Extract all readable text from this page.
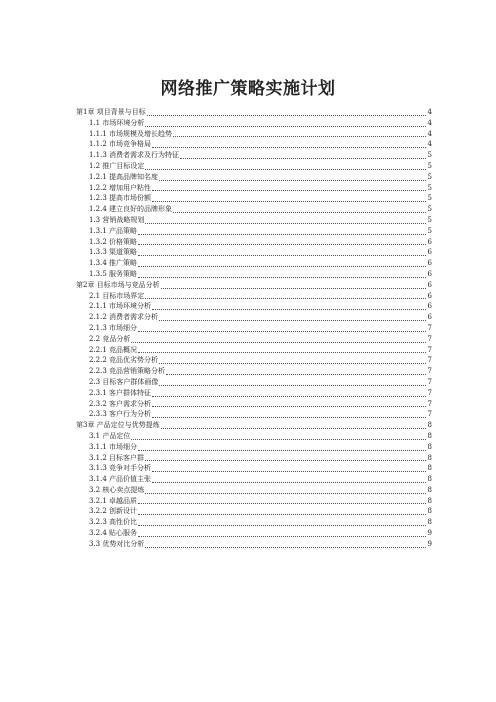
网络推广策略实施计划
第1章 项目背景与目标	4
1.1 市场环境分析	4
1.1.1 市场规模及增长趋势	4
1.1.2 市场竞争格局	4
1.1.3 消费者需求及行为特征	5
1.2 推广目标设定	5
1.2.1 提高品牌知名度	5
1.2.2 增加用户粘性	5
1.2.3 提高市场份额	5
1.2.4 建立良好的品牌形象	5
1.3 营销战略规划	5
1.3.1 产品策略	5
1.3.2 价格策略	6
1.3.3 渠道策略	6
1.3.4 推广策略	6
1.3.5 服务策略	6
第2章 目标市场与竞品分析	6
2.1 目标市场界定	6
2.1.1 市场环境分析	6
2.1.2 消费者需求分析	6
2.1.3 市场细分	7
2.2 竞品分析	7
2.2.1 竞品概况	7
2.2.2 竞品优劣势分析	7
2.2.3 竞品营销策略分析	7
2.3 目标客户群体画像	7
2.3.1 客户群体特征	7
2.3.2 客户需求分析	7
2.3.3 客户行为分析	7
第3章 产品定位与优势提炼	8
3.1 产品定位	8
3.1.1 市场细分	8
3.1.2 目标客户群	8
3.1.3 竞争对手分析	8
3.1.4 产品价值主张	8
3.2 核心卖点提炼	8
3.2.1 卓越品质	8
3.2.2 创新设计	8
3.2.3 高性价比	8
3.2.4 贴心服务	9
3.3 优势对比分析	9
